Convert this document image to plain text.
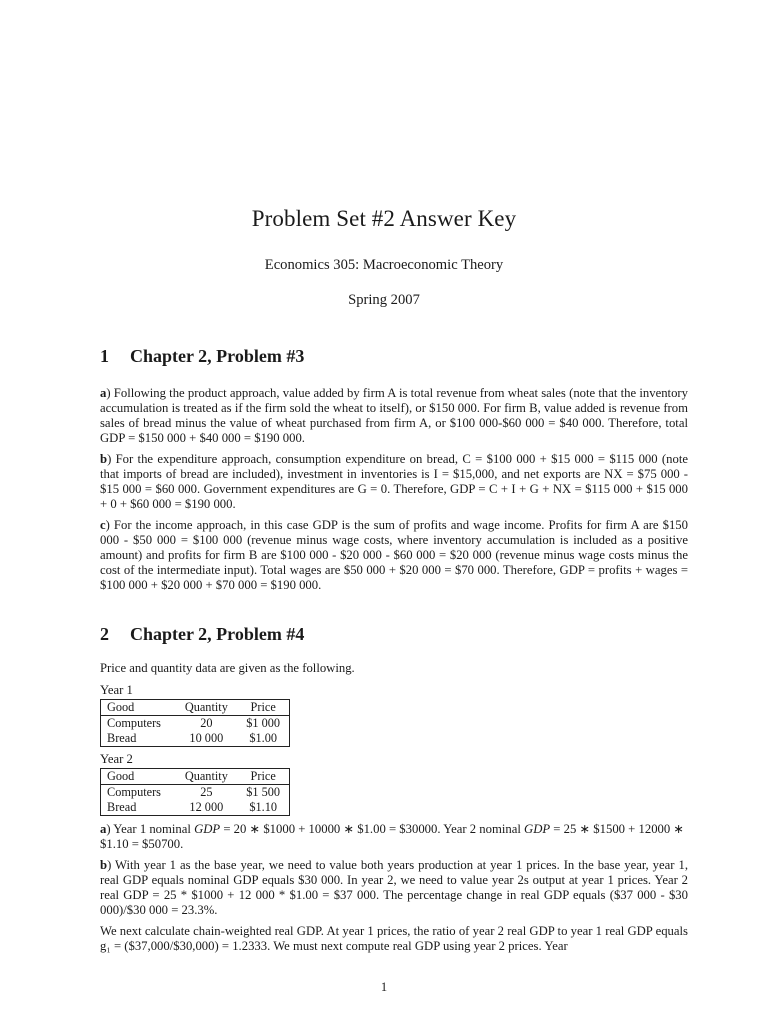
Problem Set #2 Answer Key
Economics 305: Macroeconomic Theory
Spring 2007
1 Chapter 2, Problem #3
a) Following the product approach, value added by firm A is total revenue from wheat sales (note that the inventory accumulation is treated as if the firm sold the wheat to itself), or $150 000. For firm B, value added is revenue from sales of bread minus the value of wheat purchased from firm A, or $100 000-$60 000 = $40 000. Therefore, total GDP = $150 000 + $40 000 = $190 000.
b) For the expenditure approach, consumption expenditure on bread, C = $100 000 + $15 000 = $115 000 (note that imports of bread are included), investment in inventories is I = $15,000, and net exports are NX = $75 000 - $15 000 = $60 000. Government expenditures are G = 0. Therefore, GDP = C + I + G + NX = $115 000 + $15 000 + 0 + $60 000 = $190 000.
c) For the income approach, in this case GDP is the sum of profits and wage income. Profits for firm A are $150 000 - $50 000 = $100 000 (revenue minus wage costs, where inventory accumulation is included as a positive amount) and profits for firm B are $100 000 - $20 000 - $60 000 = $20 000 (revenue minus wage costs minus the cost of the intermediate input). Total wages are $50 000 + $20 000 = $70 000. Therefore, GDP = profits + wages = $100 000 + $20 000 + $70 000 = $190 000.
2 Chapter 2, Problem #4
Price and quantity data are given as the following.
Year 1
Good	Quantity	Price
Computers	20	$1 000
Bread	10 000	$1.00
Year 2
Good	Quantity	Price
Computers	25	$1 500
Bread	12 000	$1.10
a) Year 1 nominal GDP = 20 ∗ $1000 + 10000 ∗ $1.00 = $30000. Year 2 nominal GDP = 25 ∗ $1500 + 12000 ∗
$1.10 = $50700.
b) With year 1 as the base year, we need to value both years production at year 1 prices. In the base year, year 1, real GDP equals nominal GDP equals $30 000. In year 2, we need to value year 2s output at year 1 prices. Year 2 real GDP = 25 * $1000 + 12 000 * $1.00 = $37 000. The percentage change in real GDP equals ($37 000 - $30 000)/$30 000 = 23.3%.
We next calculate chain-weighted real GDP. At year 1 prices, the ratio of year 2 real GDP to year 1 real GDP equals g₁ = ($37,000/$30,000) = 1.2333. We must next compute real GDP using year 2 prices. Year
1
